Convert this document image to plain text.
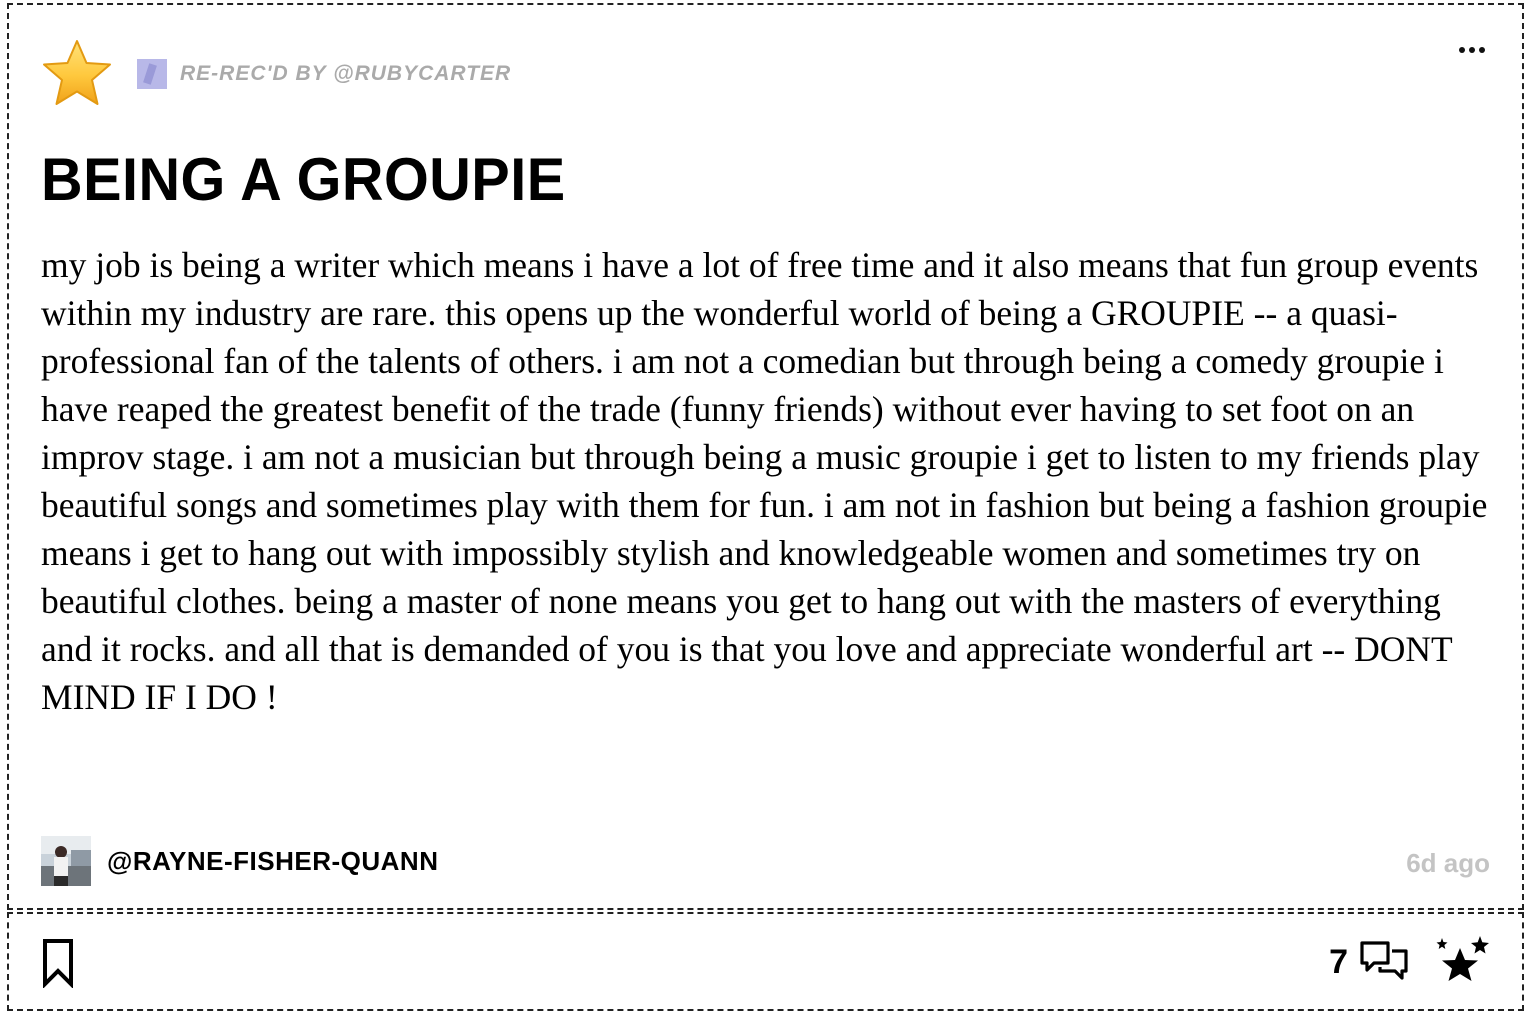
RE-REC'D BY @RUBYCARTER
BEING A GROUPIE

my job is being a writer which means i have a lot of free time and it also means that fun group events within my industry are rare. this opens up the wonderful world of being a GROUPIE -- a quasi-professional fan of the talents of others. i am not a comedian but through being a comedy groupie i have reaped the greatest benefit of the trade (funny friends) without ever having to set foot on an improv stage. i am not a musician but through being a music groupie i get to listen to my friends play beautiful songs and sometimes play with them for fun. i am not in fashion but being a fashion groupie means i get to hang out with impossibly stylish and knowledgeable women and sometimes try on beautiful clothes. being a master of none means you get to hang out with the masters of everything and it rocks. and all that is demanded of you is that you love and appreciate wonderful art -- DONT MIND IF I DO !

@RAYNE-FISHER-QUANN	6d ago
7
